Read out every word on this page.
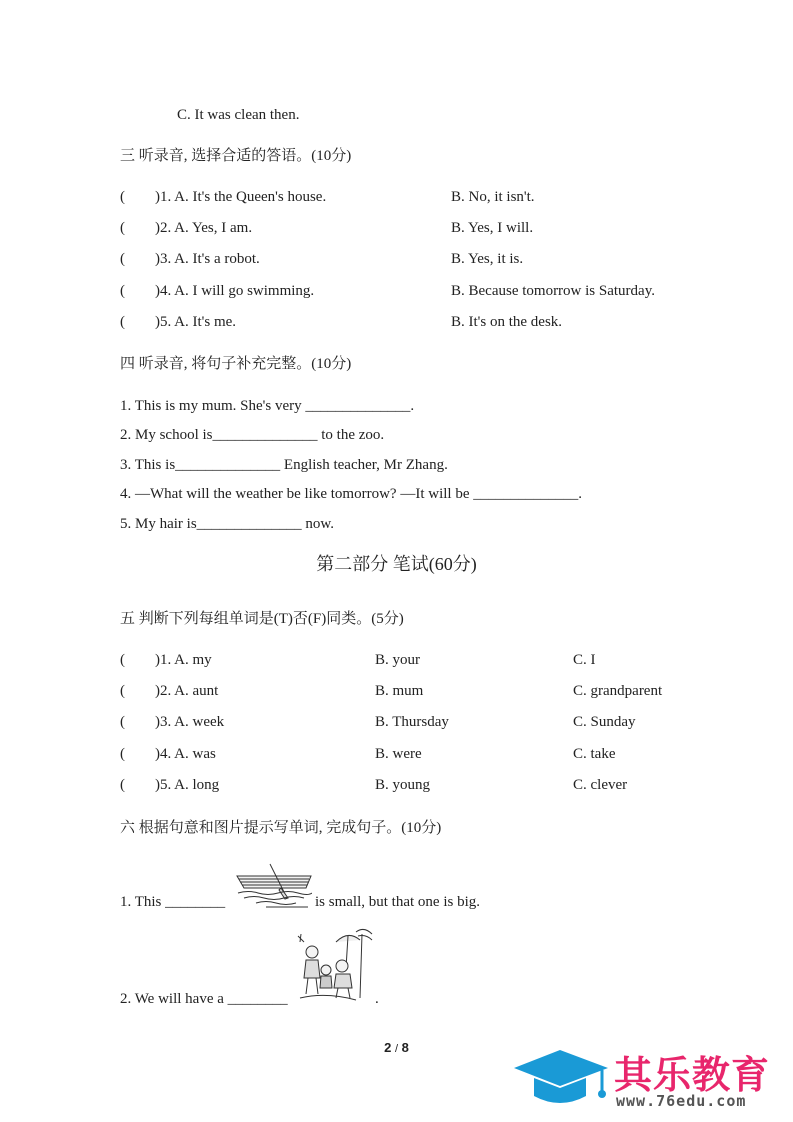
C. It was clean then.
三 听录音, 选择合适的答语。(10分)
(        )1. A. It's the Queen's house.	B. No, it isn't.
(        )2. A. Yes, I am.	B. Yes, I will.
(        )3. A. It's a robot.	B. Yes, it is.
(        )4. A. I will go swimming.	B. Because tomorrow is Saturday.
(        )5. A. It's me.	B. It's on the desk.
四 听录音, 将句子补充完整。(10分)
1. This is my mum. She's very ______________.
2. My school is______________ to the zoo.
3. This is______________ English teacher, Mr Zhang.
4. —What will the weather be like tomorrow? —It will be ______________.
5. My hair is______________ now.
第二部分 笔试(60分)
五 判断下列每组单词是(T)否(F)同类。(5分)
(        )1. A. my	B. your	C. I
(        )2. A. aunt	B. mum	C. grandparent
(        )3. A. week	B. Thursday	C. Sunday
(        )4. A. was	B. were	C. take
(        )5. A. long	B. young	C. clever
六 根据句意和图片提示写单词, 完成句子。(10分)
1. This ________	is small, but that one is big.
2. We will have a ________	.
2 / 8
其乐教育
www.76edu.com
